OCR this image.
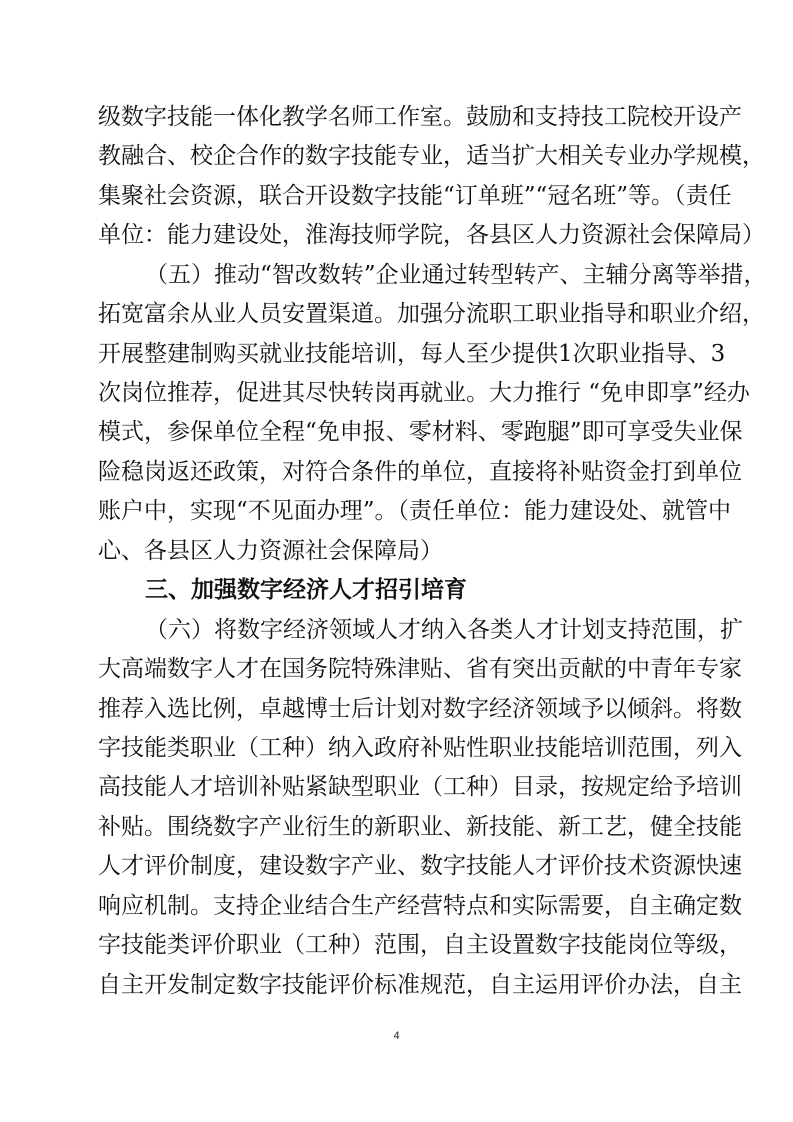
级数字技能一体化教学名师工作室。鼓励和支持技工院校开设产
教融合、校企合作的数字技能专业，适当扩大相关专业办学规模，
集聚社会资源，联合开设数字技能“订单班”“冠名班”等。（责任
单位：能力建设处，淮海技师学院，各县区人力资源社会保障局）
（五）推动“智改数转”企业通过转型转产、主辅分离等举措，
拓宽富余从业人员安置渠道。加强分流职工职业指导和职业介绍，
开展整建制购买就业技能培训，每人至少提供1次职业指导、3
次岗位推荐，促进其尽快转岗再就业。大力推行 “免申即享”经办
模式，参保单位全程“免申报、零材料、零跑腿”即可享受失业保
险稳岗返还政策，对符合条件的单位，直接将补贴资金打到单位
账户中，实现“不见面办理”。（责任单位：能力建设处、就管中
心、各县区人力资源社会保障局）
三、加强数字经济人才招引培育
（六）将数字经济领域人才纳入各类人才计划支持范围，扩
大高端数字人才在国务院特殊津贴、省有突出贡献的中青年专家
推荐入选比例，卓越博士后计划对数字经济领域予以倾斜。将数
字技能类职业（工种）纳入政府补贴性职业技能培训范围，列入
高技能人才培训补贴紧缺型职业（工种）目录，按规定给予培训
补贴。围绕数字产业衍生的新职业、新技能、新工艺，健全技能
人才评价制度，建设数字产业、数字技能人才评价技术资源快速
响应机制。支持企业结合生产经营特点和实际需要，自主确定数
字技能类评价职业（工种）范围，自主设置数字技能岗位等级，
自主开发制定数字技能评价标准规范，自主运用评价办法，自主
4
